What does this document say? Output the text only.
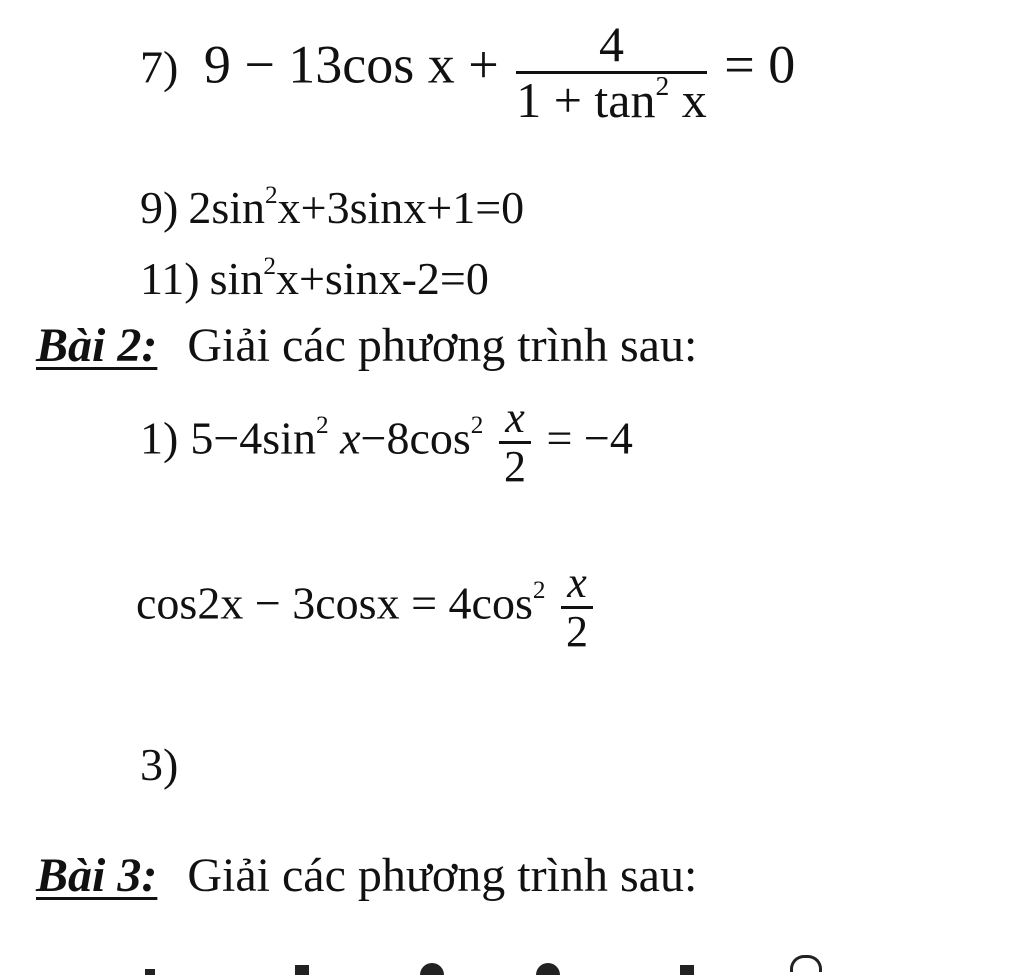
7) 9 − 13cos $x + \frac{4}{1 + \tan^2 x} = 0$
9) $2\sin^2x+3\sin x+1=0$
11) $\sin^2x+\sin x-2=0$
Bài 2: Giải các phương trình sau:
1) $5-4\sin^2$ $x-8\cos^2 \frac{x}{2} = -4$
$\cos 2x - 3\cos x = 4\cos^2 \frac{x}{2}$
3)
Bài 3: Giải các phương trình sau:
